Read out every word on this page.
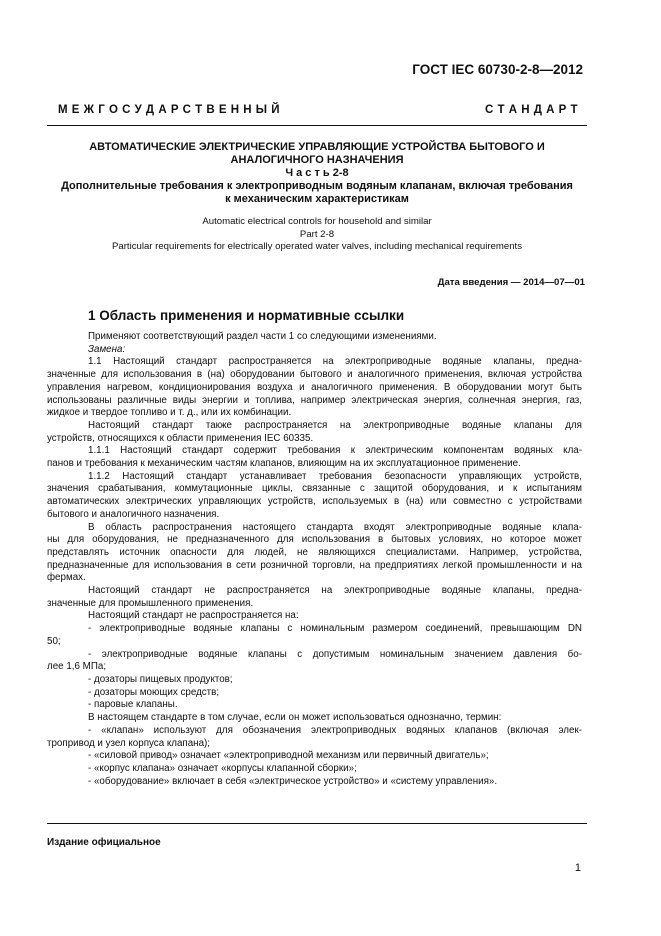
ГОСТ IEC 60730-2-8—2012
М Е Ж Г О С У Д А Р С Т В Е Н Н Ы Й	С Т А Н Д А Р Т
АВТОМАТИЧЕСКИЕ ЭЛЕКТРИЧЕСКИЕ УПРАВЛЯЮЩИЕ УСТРОЙСТВА БЫТОВОГО И
АНАЛОГИЧНОГО НАЗНАЧЕНИЯ
Ч а с т ь 2-8
Дополнительные требования к электроприводным водяным клапанам, включая требования
к механическим характеристикам
Automatic electrical controls for household and similar
Part 2-8
Particular requirements for electrically operated water valves, including mechanical requirements
Дата введения — 2014—07—01
1 Область применения и нормативные ссылки

Применяют соответствующий раздел части 1 со следующими изменениями.

Замена:

1.1 Настоящий стандарт распространяется на электроприводные водяные клапаны, предна-

значенные для использования в (на) оборудовании бытового и аналогичного применения, включая устройства управления нагревом, кондиционирования воздуха и аналогичного применения. В оборудовании могут быть использованы различные виды энергии и топлива, например электрическая энергия, солнечная энергия, газ, жидкое и твердое топливо и т. д., или их комбинации.

Настоящий стандарт также распространяется на электроприводные водяные клапаны для

устройств, относящихся к области применения IEC 60335.

1.1.1 Настоящий стандарт содержит требования к электрическим компонентам водяных кла-

панов и требования к механическим частям клапанов, влияющим на их эксплуатационное применение.

1.1.2 Настоящий стандарт устанавливает требования безопасности управляющих устройств,

значения срабатывания, коммутационные циклы, связанные с защитой оборудования, и к испытаниям автоматических электрических управляющих устройств, используемых в (на) или совместно с устройствами бытового и аналогичного назначения.

В область распространения настоящего стандарта входят электроприводные водяные клапа-

ны для оборудования, не предназначенного для использования в бытовых условиях, но которое может представлять источник опасности для людей, не являющихся специалистами. Например, устройства, предназначенные для использования в сети розничной торговли, на предприятиях легкой промышленности и на фермах.

Настоящий стандарт не распространяется на электроприводные водяные клапаны, предна-

значенные для промышленного применения.

Настоящий стандарт не распространяется на:

- электроприводные водяные клапаны с номинальным размером соединений, превышающим DN

50;

- электроприводные водяные клапаны с допустимым номинальным значением давления бо-

лее 1,6 МПа;

- дозаторы пищевых продуктов;

- дозаторы моющих средств;

- паровые клапаны.

В настоящем стандарте в том случае, если он может использоваться однозначно, термин:

- «клапан» используют для обозначения электроприводных водяных клапанов (включая элек-

тропривод и узел корпуса клапана);

- «силовой привод» означает «электроприводной механизм или первичный двигатель»;

- «корпус клапана» означает «корпусы клапанной сборки»;

- «оборудование» включает в себя «электрическое устройство» и «систему управления».

Издание официальное
1
